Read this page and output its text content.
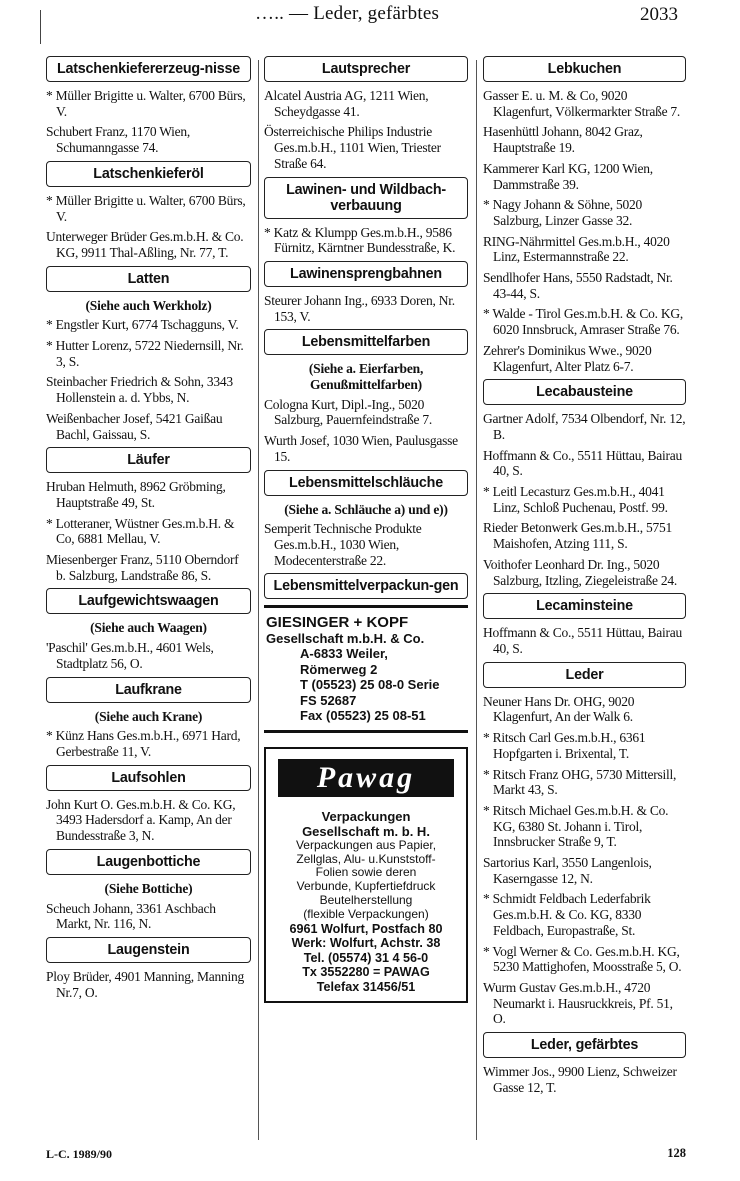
….. — Leder, gefärbtes	2033
Latschenkiefererzeug-nisse
* Müller Brigitte u. Walter, 6700 Bürs, V.
Schubert Franz, 1170 Wien, Schumanngasse 74.
Latschenkieferöl
* Müller Brigitte u. Walter, 6700 Bürs, V.
Unterweger Brüder Ges.m.b.H. & Co. KG, 9911 Thal-Aßling, Nr. 77, T.
Latten
(Siehe auch Werkholz)
* Engstler Kurt, 6774 Tschagguns, V.
* Hutter Lorenz, 5722 Niedernsill, Nr. 3, S.
Steinbacher Friedrich & Sohn, 3343 Hollenstein a. d. Ybbs, N.
Weißenbacher Josef, 5421 Gaißau Bachl, Gaissau, S.
Läufer
Hruban Helmuth, 8962 Gröbming, Hauptstraße 49, St.
* Lotteraner, Wüstner Ges.m.b.H. & Co, 6881 Mellau, V.
Miesenberger Franz, 5110 Oberndorf b. Salzburg, Landstraße 86, S.
Laufgewichtswaagen
(Siehe auch Waagen)
'Paschil' Ges.m.b.H., 4601 Wels, Stadtplatz 56, O.
Laufkrane
(Siehe auch Krane)
* Künz Hans Ges.m.b.H., 6971 Hard, Gerbestraße 11, V.
Laufsohlen
John Kurt O. Ges.m.b.H. & Co. KG, 3493 Hadersdorf a. Kamp, An der Bundesstraße 3, N.
Laugenbottiche
(Siehe Bottiche)
Scheuch Johann, 3361 Aschbach Markt, Nr. 116, N.
Laugenstein
Ploy Brüder, 4901 Manning, Manning Nr.7, O.
Lautsprecher
Alcatel Austria AG, 1211 Wien, Scheydgasse 41.
Österreichische Philips Industrie Ges.m.b.H., 1101 Wien, Triester Straße 64.
Lawinen- und Wildbach-verbauung
* Katz & Klumpp Ges.m.b.H., 9586 Fürnitz, Kärntner Bundesstraße, K.
Lawinensprengbahnen
Steurer Johann Ing., 6933 Doren, Nr. 153, V.
Lebensmittelfarben
(Siehe a. Eierfarben, Genußmittelfarben)
Cologna Kurt, Dipl.-Ing., 5020 Salzburg, Pauernfeindstraße 7.
Wurth Josef, 1030 Wien, Paulusgasse 15.
Lebensmittelschläuche
(Siehe a. Schläuche a) und e))
Semperit Technische Produkte Ges.m.b.H., 1030 Wien, Modecenterstraße 22.
Lebensmittelverpackun-gen
GIESINGER + KOPF
Gesellschaft m.b.H. & Co.
A-6833 Weiler,
Römerweg 2
T (05523) 25 08-0 Serie
FS 52687
Fax (05523) 25 08-51
Pawag
Verpackungen
Gesellschaft m. b. H.
Verpackungen aus Papier,
Zellglas, Alu- u.Kunststoff-
Folien sowie deren
Verbunde, Kupfertiefdruck
Beutelherstellung
(flexible Verpackungen)
6961 Wolfurt, Postfach 80
Werk: Wolfurt, Achstr. 38
Tel. (05574) 31 4 56-0
Tx 3552280 = PAWAG
Telefax 31456/51
Lebkuchen
Gasser E. u. M. & Co, 9020 Klagenfurt, Völkermarkter Straße 7.
Hasenhüttl Johann, 8042 Graz, Hauptstraße 19.
Kammerer Karl KG, 1200 Wien, Dammstraße 39.
* Nagy Johann & Söhne, 5020 Salzburg, Linzer Gasse 32.
RING-Nährmittel Ges.m.b.H., 4020 Linz, Estermannstraße 22.
Sendlhofer Hans, 5550 Radstadt, Nr. 43-44, S.
* Walde - Tirol Ges.m.b.H. & Co. KG, 6020 Innsbruck, Amraser Straße 76.
Zehrer's Dominikus Wwe., 9020 Klagenfurt, Alter Platz 6-7.
Lecabausteine
Gartner Adolf, 7534 Olbendorf, Nr. 12, B.
Hoffmann & Co., 5511 Hüttau, Bairau 40, S.
* Leitl Lecasturz Ges.m.b.H., 4041 Linz, Schloß Puchenau, Postf. 99.
Rieder Betonwerk Ges.m.b.H., 5751 Maishofen, Atzing 111, S.
Voithofer Leonhard Dr. Ing., 5020 Salzburg, Itzling, Ziegeleistraße 24.
Lecaminsteine
Hoffmann & Co., 5511 Hüttau, Bairau 40, S.
Leder
Neuner Hans Dr. OHG, 9020 Klagenfurt, An der Walk 6.
* Ritsch Carl Ges.m.b.H., 6361 Hopfgarten i. Brixental, T.
* Ritsch Franz OHG, 5730 Mittersill, Markt 43, S.
* Ritsch Michael Ges.m.b.H. & Co. KG, 6380 St. Johann i. Tirol, Innsbrucker Straße 9, T.
Sartorius Karl, 3550 Langenlois, Kaserngasse 12, N.
* Schmidt Feldbach Lederfabrik Ges.m.b.H. & Co. KG, 8330 Feldbach, Europastraße, St.
* Vogl Werner & Co. Ges.m.b.H. KG, 5230 Mattighofen, Moosstraße 5, O.
Wurm Gustav Ges.m.b.H., 4720 Neumarkt i. Hausruckkreis, Pf. 51, O.
Leder, gefärbtes
Wimmer Jos., 9900 Lienz, Schweizer Gasse 12, T.
L-C. 1989/90	128
